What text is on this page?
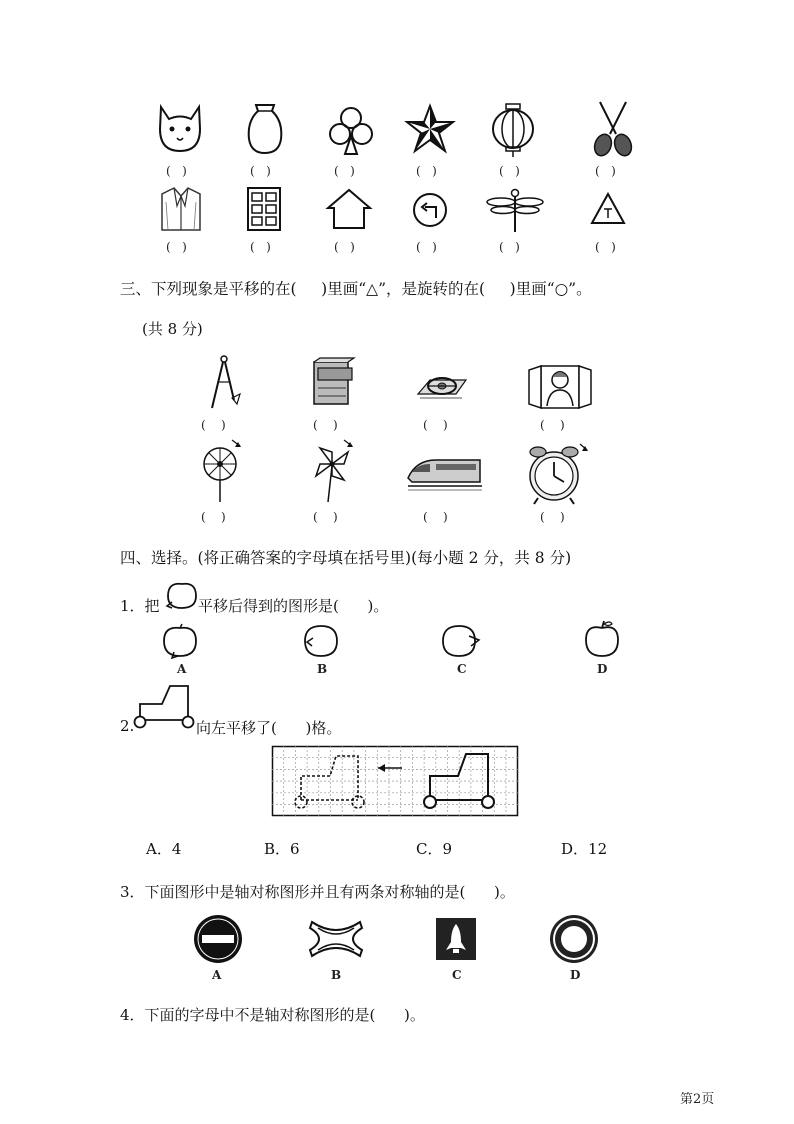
(   )	(   )	(   )	(   )	(   )	(   )
(   )	(   )	(   )	(   )	(   )	(   )
三、下列现象是平移的在(     )里画“△”，是旋转的在(     )里画“○”。
(共 8 分)
(    )	(    )	(    )	(    )
(    )	(    )	(    )	(    )
四、选择。(将正确答案的字母填在括号里)(每小题 2 分，共 8 分)
1．把	平移后得到的图形是(      )。
A	B	C	D
2.	向左平移了(      )格。
A．4	B．6	C．9	D．12
3．下面图形中是轴对称图形并且有两条对称轴的是(      )。
A	B	C	D
4．下面的字母中不是轴对称图形的是(      )。
第2页
